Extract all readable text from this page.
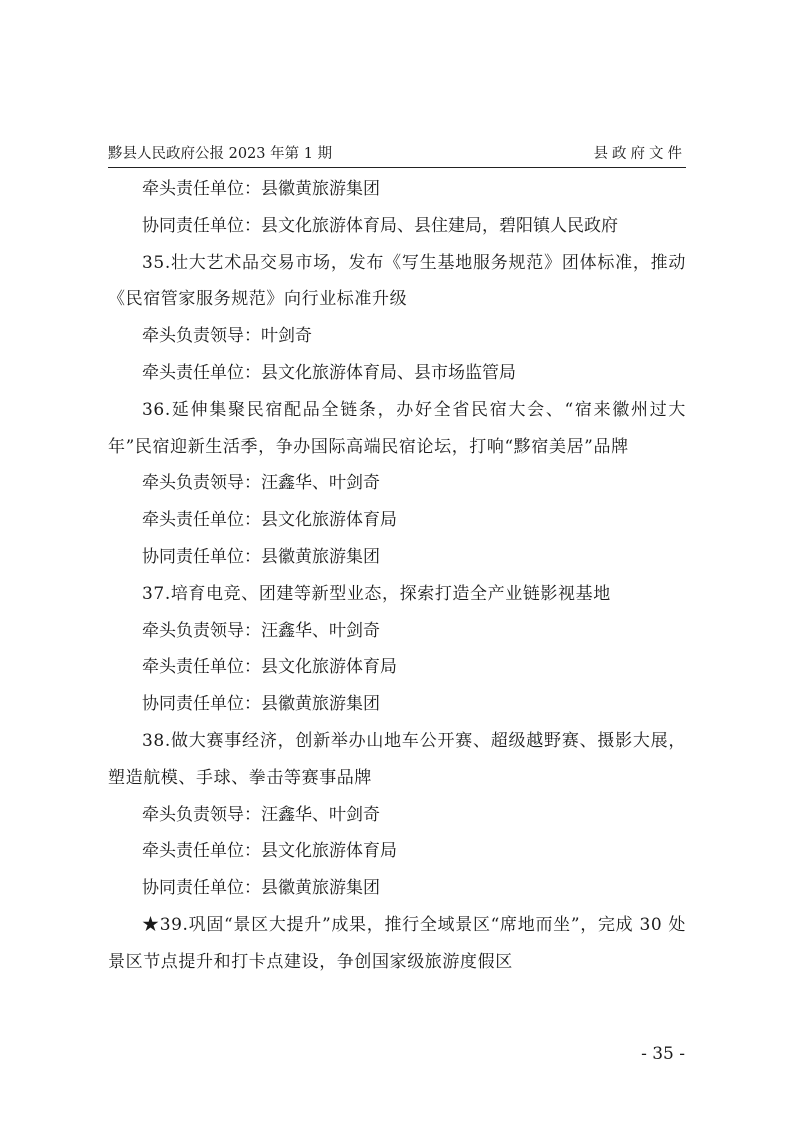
黟县人民政府公报 2023 年第 1 期	县政府文件

牵头责任单位：县徽黄旅游集团

协同责任单位：县文化旅游体育局、县住建局，碧阳镇人民政府

35.壮大艺术品交易市场，发布《写生基地服务规范》团体标准，推动《民宿管家服务规范》向行业标准升级

牵头负责领导：叶剑奇

牵头责任单位：县文化旅游体育局、县市场监管局

36.延伸集聚民宿配品全链条，办好全省民宿大会、“宿来徽州过大年”民宿迎新生活季，争办国际高端民宿论坛，打响“黟宿美居”品牌

牵头负责领导：汪鑫华、叶剑奇

牵头责任单位：县文化旅游体育局

协同责任单位：县徽黄旅游集团

37.培育电竞、团建等新型业态，探索打造全产业链影视基地

牵头负责领导：汪鑫华、叶剑奇

牵头责任单位：县文化旅游体育局

协同责任单位：县徽黄旅游集团

38.做大赛事经济，创新举办山地车公开赛、超级越野赛、摄影大展，塑造航模、手球、拳击等赛事品牌

牵头负责领导：汪鑫华、叶剑奇

牵头责任单位：县文化旅游体育局

协同责任单位：县徽黄旅游集团

★39.巩固“景区大提升”成果，推行全域景区“席地而坐”，完成 30 处景区节点提升和打卡点建设，争创国家级旅游度假区

- 35 -
